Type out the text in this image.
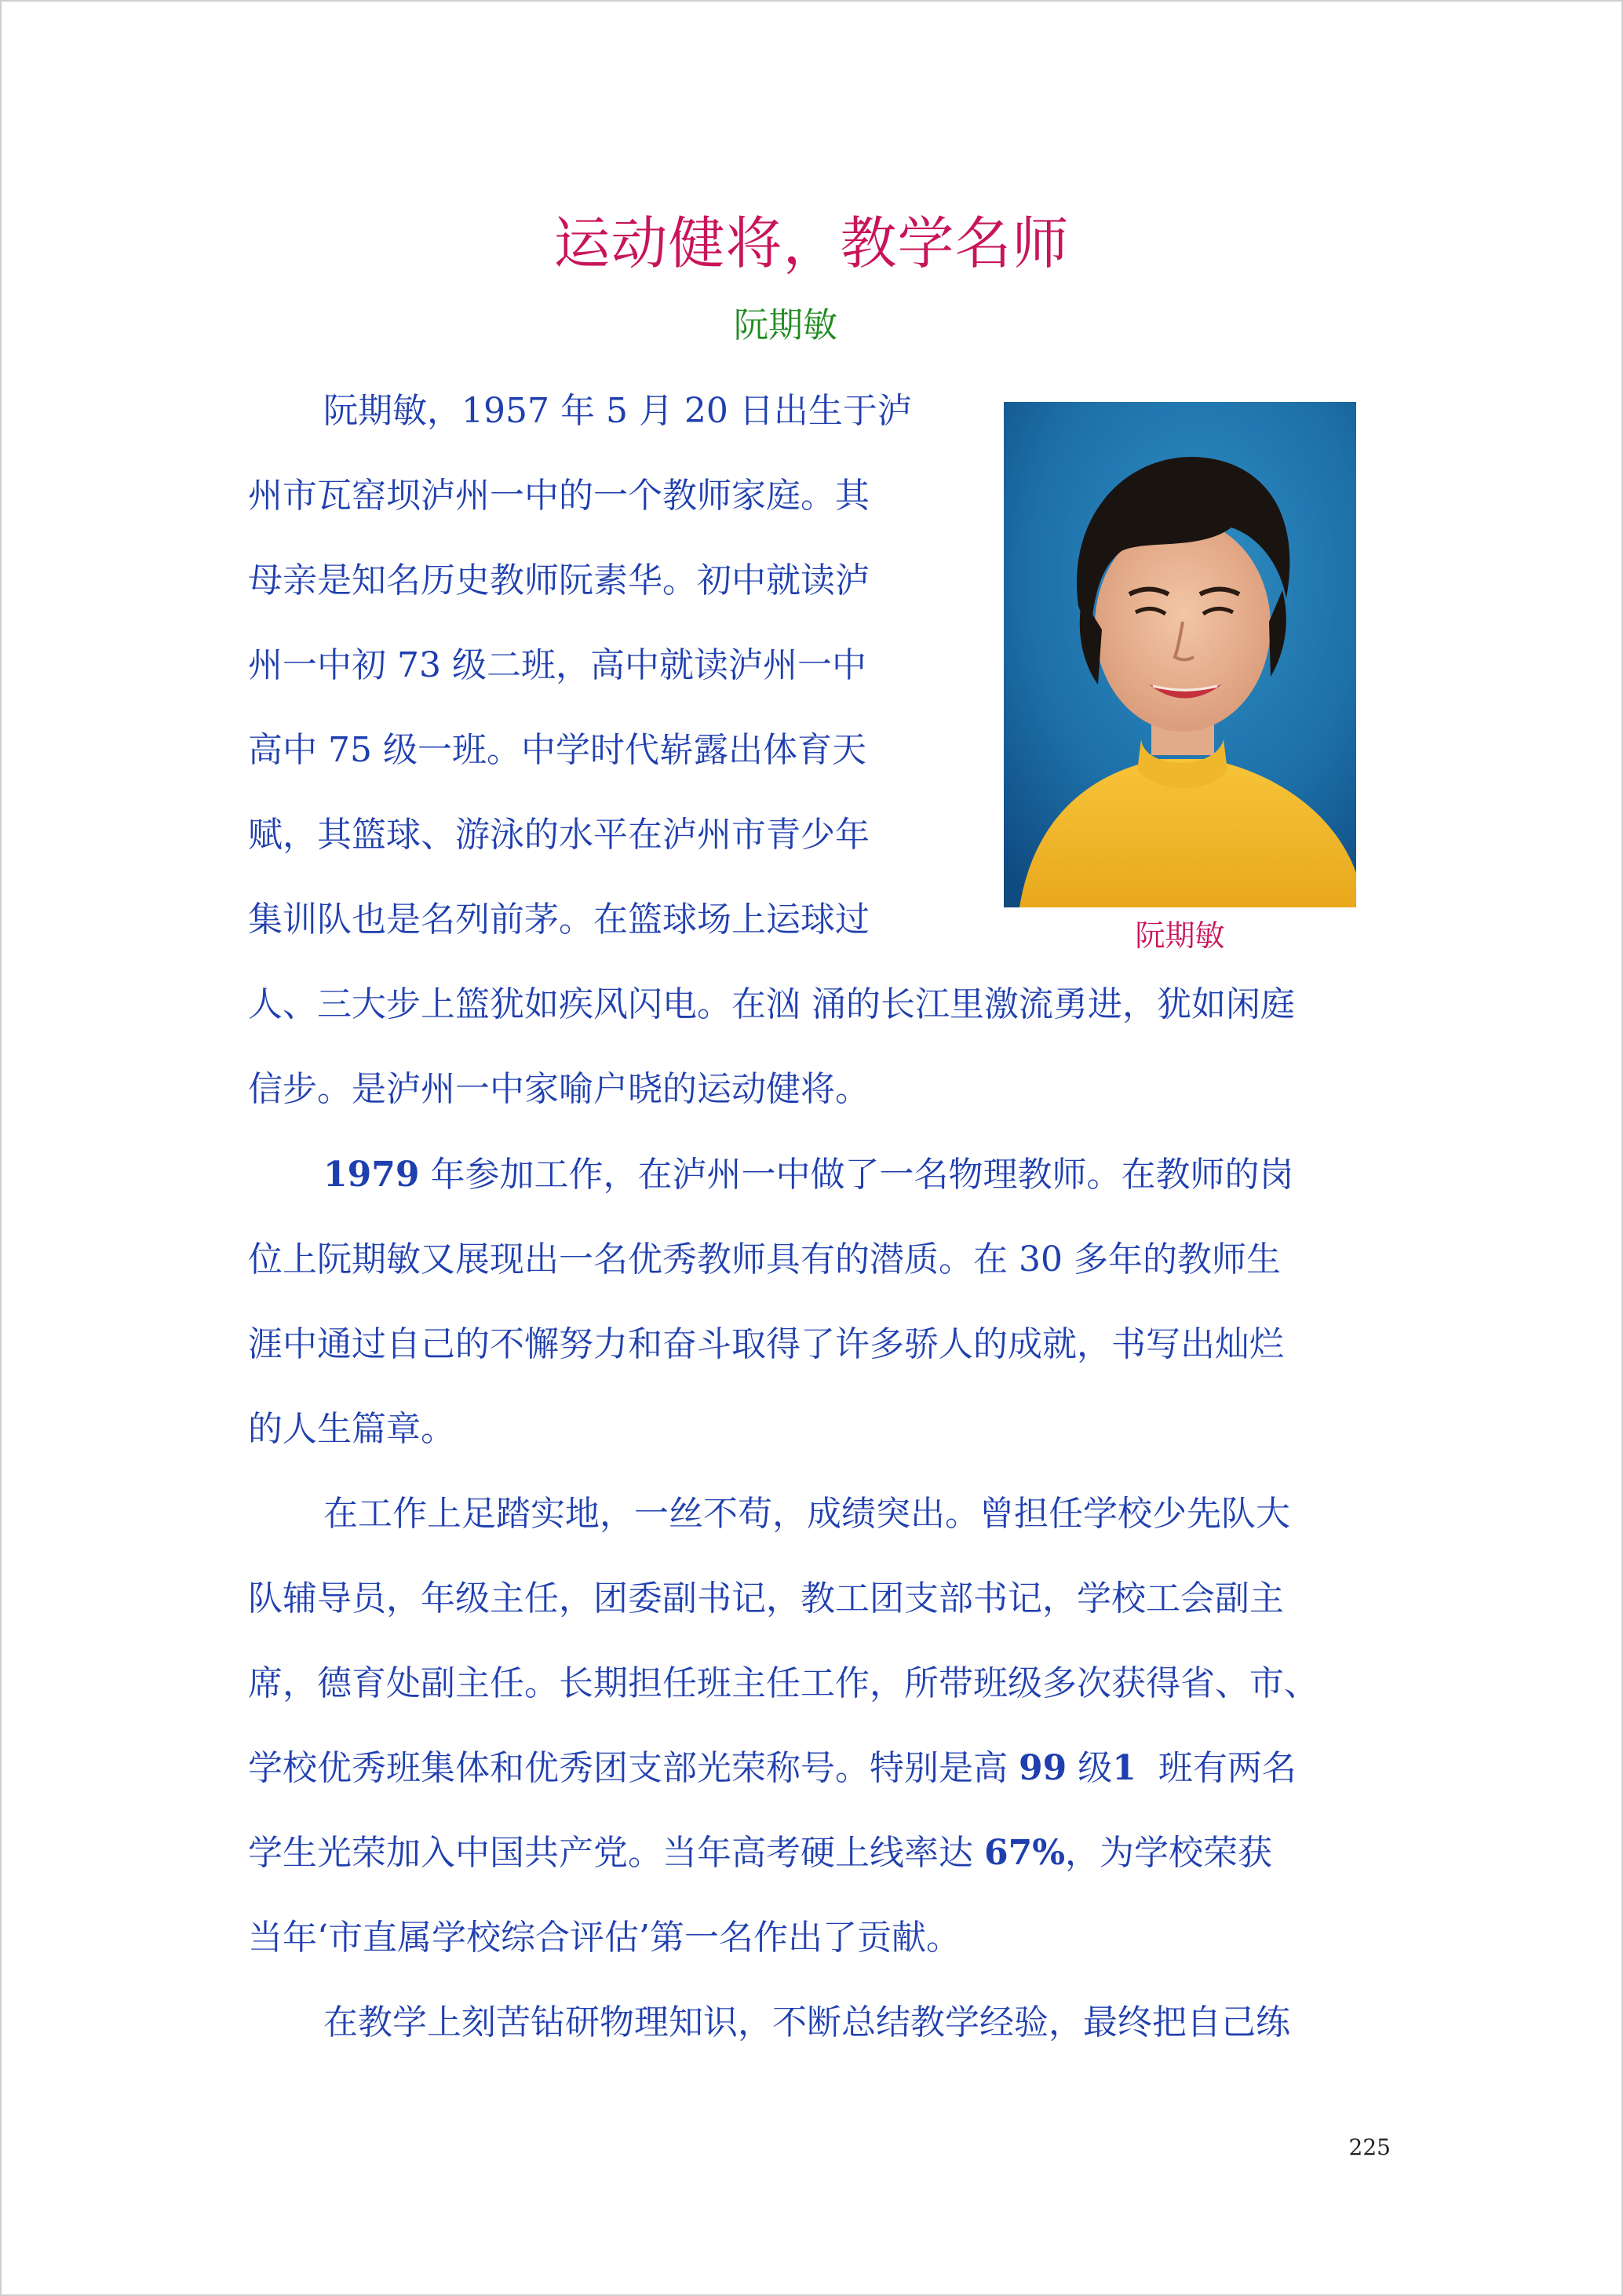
运动健将，教学名师
阮期敏
阮期敏
阮期敏，1957 年 5 月 20 日出生于泸
州市瓦窑坝泸州一中的一个教师家庭。其
母亲是知名历史教师阮素华。初中就读泸
州一中初 73 级二班，高中就读泸州一中
高中 75 级一班。中学时代崭露出体育天
赋，其篮球、游泳的水平在泸州市青少年
集训队也是名列前茅。在篮球场上运球过
人、三大步上篮犹如疾风闪电。在汹 涌的长江里激流勇进，犹如闲庭
信步。是泸州一中家喻户晓的运动健将。
1979 年参加工作，在泸州一中做了一名物理教师。在教师的岗
位上阮期敏又展现出一名优秀教师具有的潜质。在 30 多年的教师生
涯中通过自己的不懈努力和奋斗取得了许多骄人的成就，书写出灿烂
的人生篇章。
在工作上足踏实地，一丝不苟，成绩突出。曾担任学校少先队大
队辅导员，年级主任，团委副书记，教工团支部书记，学校工会副主
席，德育处副主任。长期担任班主任工作，所带班级多次获得省、市、
学校优秀班集体和优秀团支部光荣称号。特别是高 99 级1  班有两名
学生光荣加入中国共产党。当年高考硬上线率达 67%，为学校荣获
当年‘市直属学校综合评估’第一名作出了贡献。
在教学上刻苦钻研物理知识，不断总结教学经验，最终把自己练
225
